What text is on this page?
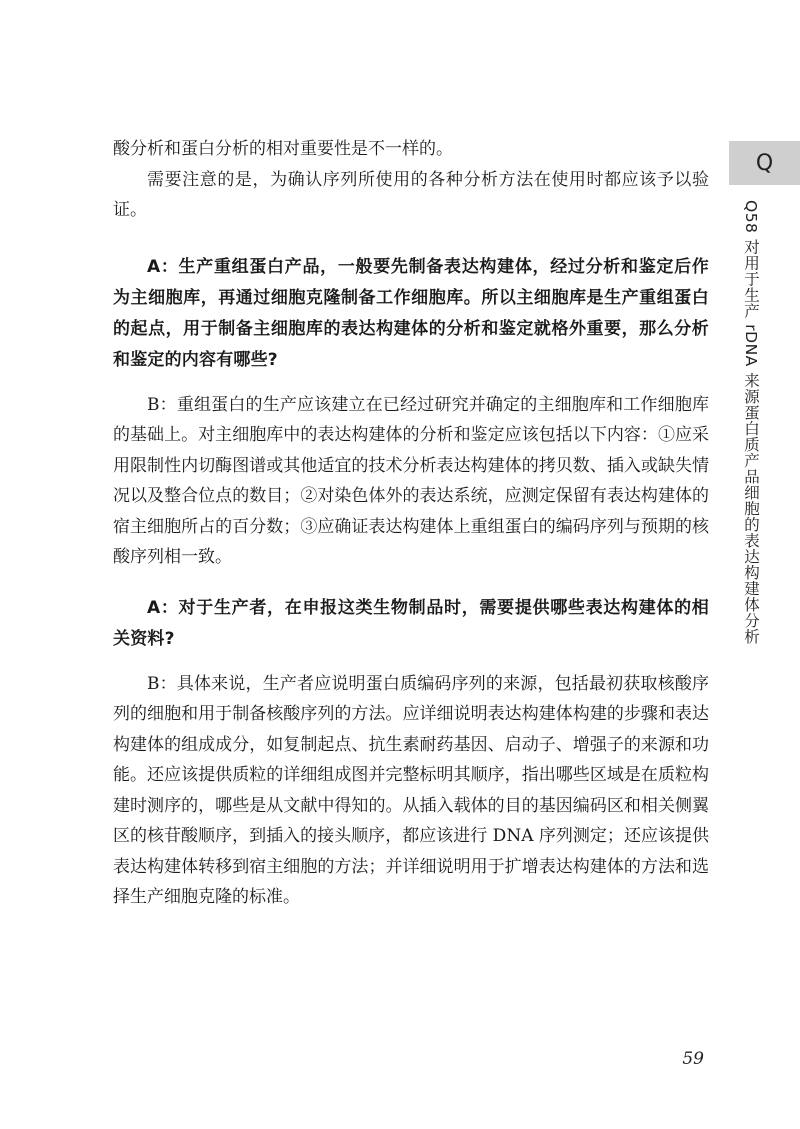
酸分析和蛋白分析的相对重要性是不一样的。

需要注意的是，为确认序列所使用的各种分析方法在使用时都应该予以验证。

A：生产重组蛋白产品，一般要先制备表达构建体，经过分析和鉴定后作为主细胞库，再通过细胞克隆制备工作细胞库。所以主细胞库是生产重组蛋白的起点，用于制备主细胞库的表达构建体的分析和鉴定就格外重要，那么分析和鉴定的内容有哪些?

B：重组蛋白的生产应该建立在已经过研究并确定的主细胞库和工作细胞库的基础上。对主细胞库中的表达构建体的分析和鉴定应该包括以下内容：①应采用限制性内切酶图谱或其他适宜的技术分析表达构建体的拷贝数、插入或缺失情况以及整合位点的数目；②对染色体外的表达系统，应测定保留有表达构建体的宿主细胞所占的百分数；③应确证表达构建体上重组蛋白的编码序列与预期的核酸序列相一致。

A：对于生产者，在申报这类生物制品时，需要提供哪些表达构建体的相关资料?

B：具体来说，生产者应说明蛋白质编码序列的来源，包括最初获取核酸序列的细胞和用于制备核酸序列的方法。应详细说明表达构建体构建的步骤和表达构建体的组成成分，如复制起点、抗生素耐药基因、启动子、增强子的来源和功能。还应该提供质粒的详细组成图并完整标明其顺序，指出哪些区域是在质粒构建时测序的，哪些是从文献中得知的。从插入载体的目的基因编码区和相关侧翼区的核苷酸顺序，到插入的接头顺序，都应该进行 DNA 序列测定；还应该提供表达构建体转移到宿主细胞的方法；并详细说明用于扩增表达构建体的方法和选择生产细胞克隆的标准。

Q
Q58 对用于生产 rDNA 来源蛋白质产品细胞的表达构建体分析
59
